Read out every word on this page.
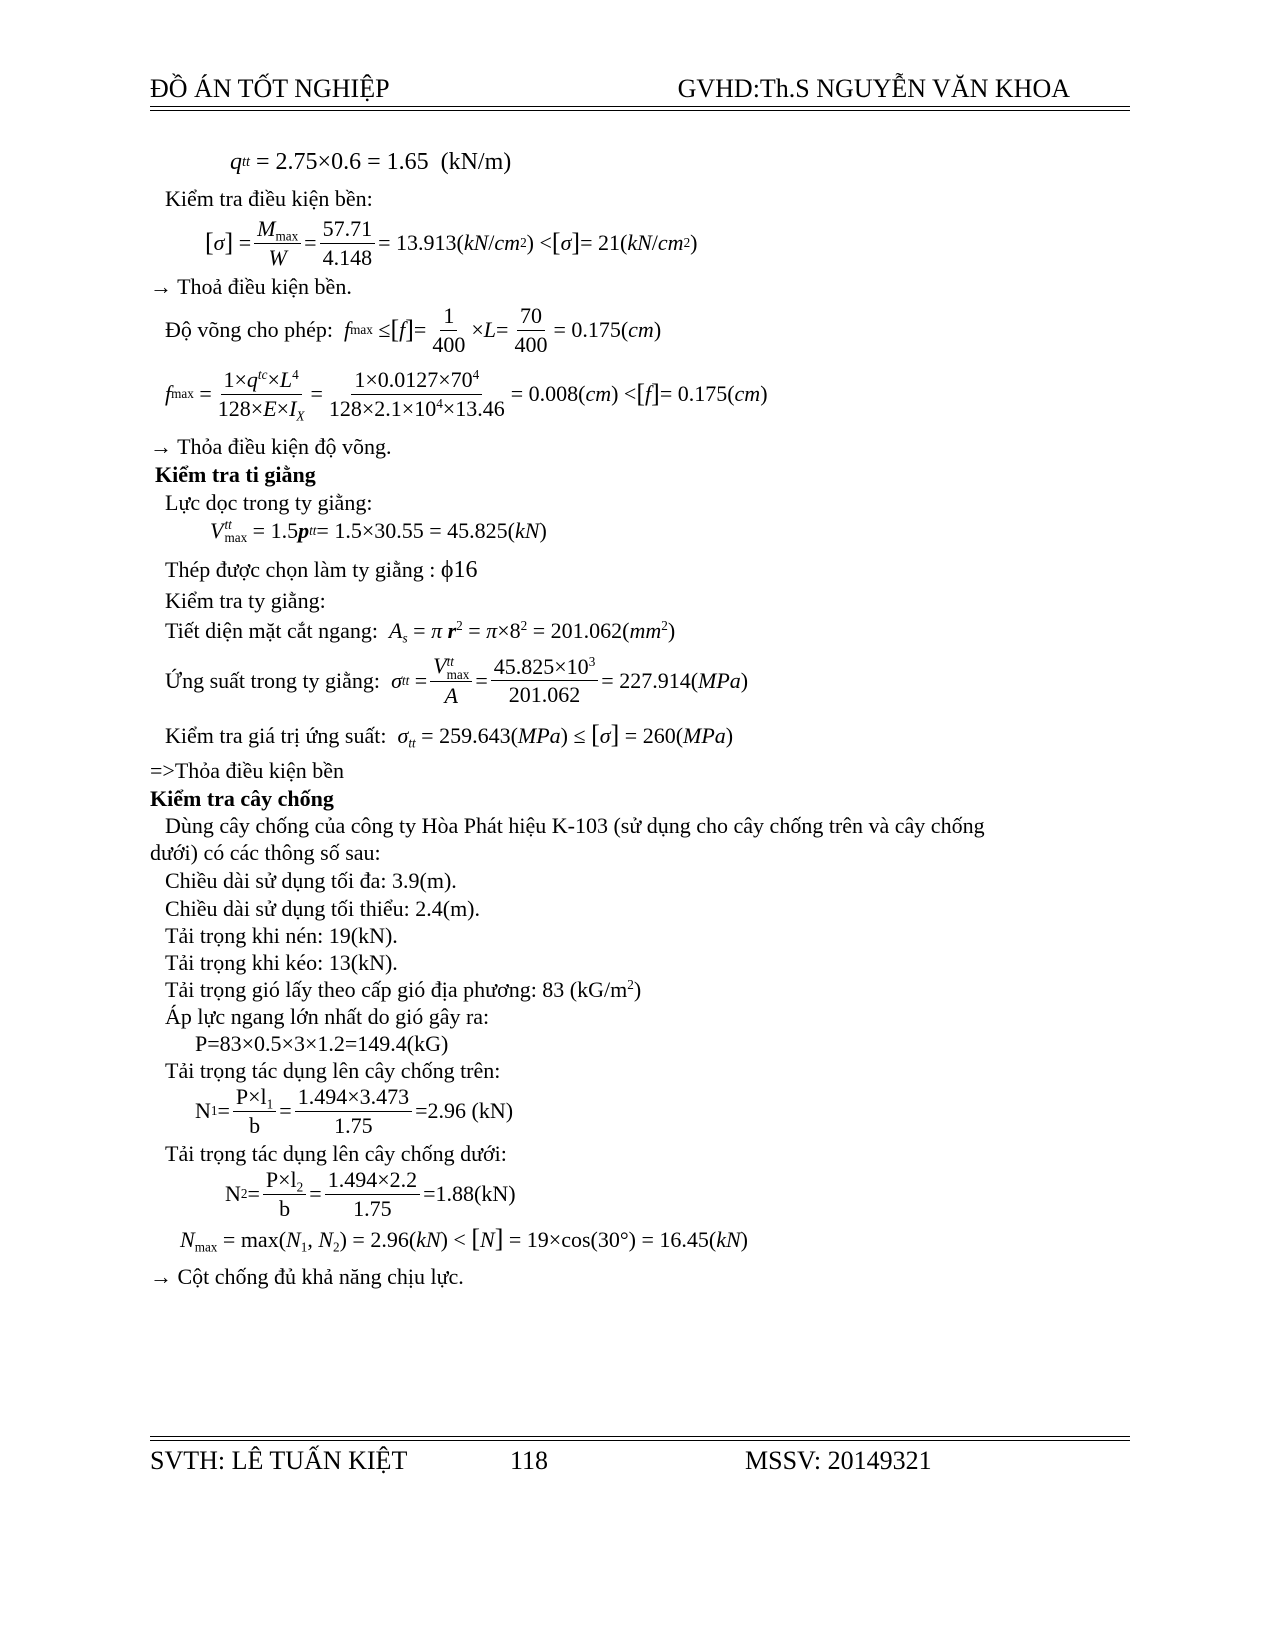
ĐỒ ÁN TỐT NGHIỆP	GVHD:Th.S NGUYỄN VĂN KHOA
q tt = 2.75×0.6 = 1.65  (kN/m)
Kiểm tra điều kiện bền:
[ σ ] = $\frac{M_{max}}{W} = \frac{57.71}{4.148} = 13.913$( kN / cm 2 ) < [ σ ] = 21( kN / cm 2 )
→ Thoả điều kiện bền.
Độ võng cho phép:
f max ≤ [ f ] = $\frac{1}{400} \times L = \frac{70}{400} = 0.175$( cm )
f $\max = \frac{1\times q^{tc}\times L^4}{128\times E\times I_X} = \frac{1\times 0.0127\times 70^4}{128\times 2.1\times 10^4\times 13.46} = 0.008$( cm ) < [ f ] = 0.175( cm )
→ Thỏa điều kiện độ võng.
Kiểm tra ti giằng
Lực dọc trong ty giằng:
V tt
max = 1.5 p tt = 1.5×30.55 = 45.825( kN )
Thép được chọn làm ty giằng : ϕ16
Kiểm tra ty giằng:
Tiết diện mặt cắt ngang: $A_s = \pi$ $r^2 = \pi\times 8^2 = 201.062(mm^2)$
Ứng suất trong ty giằng:
σ tt = V tt
max
$A = \frac{45.825\times 10^3}{201.062} = 227.914$( MPa )
Kiểm tra giá trị ứng suất: $\sigma_{tt} = 259.643(MPa) \le [\sigma] = 260(MPa)$
=>Thỏa điều kiện bền
Kiểm tra cây chống
Dùng cây chống của công ty Hòa Phát hiệu K-103 (sử dụng cho cây chống trên và cây chống
dưới) có các thông số sau:
Chiều dài sử dụng tối đa: 3.9(m).
Chiều dài sử dụng tối thiểu: 2.4(m).
Tải trọng khi nén: 19(kN).
Tải trọng khi kéo: 13(kN).
Tải trọng gió lấy theo cấp gió địa phương: 83 $(kG/m^2)$
Áp lực ngang lớn nhất do gió gây ra:
P=83×0.5×3×1.2=149.4(kG)
Tải trọng tác dụng lên cây chống trên:
N $1 = \frac{P\times l_1}{b} = \frac{1.494\times 3.473}{1.75} =2.96$ (kN)
Tải trọng tác dụng lên cây chống dưới:
N $2 = \frac{P\times l_2}{b} = \frac{1.494\times 2.2}{1.75} =1.88(kN)$
$N_{max} = \max(N_1$, $N_2) = 2.96(kN) < [N] = 19\times\cos(30^\circ) = 16.45(kN)$
→ Cột chống đủ khả năng chịu lực.
SVTH: LÊ TUẤN KIỆT	118	MSSV: 20149321
